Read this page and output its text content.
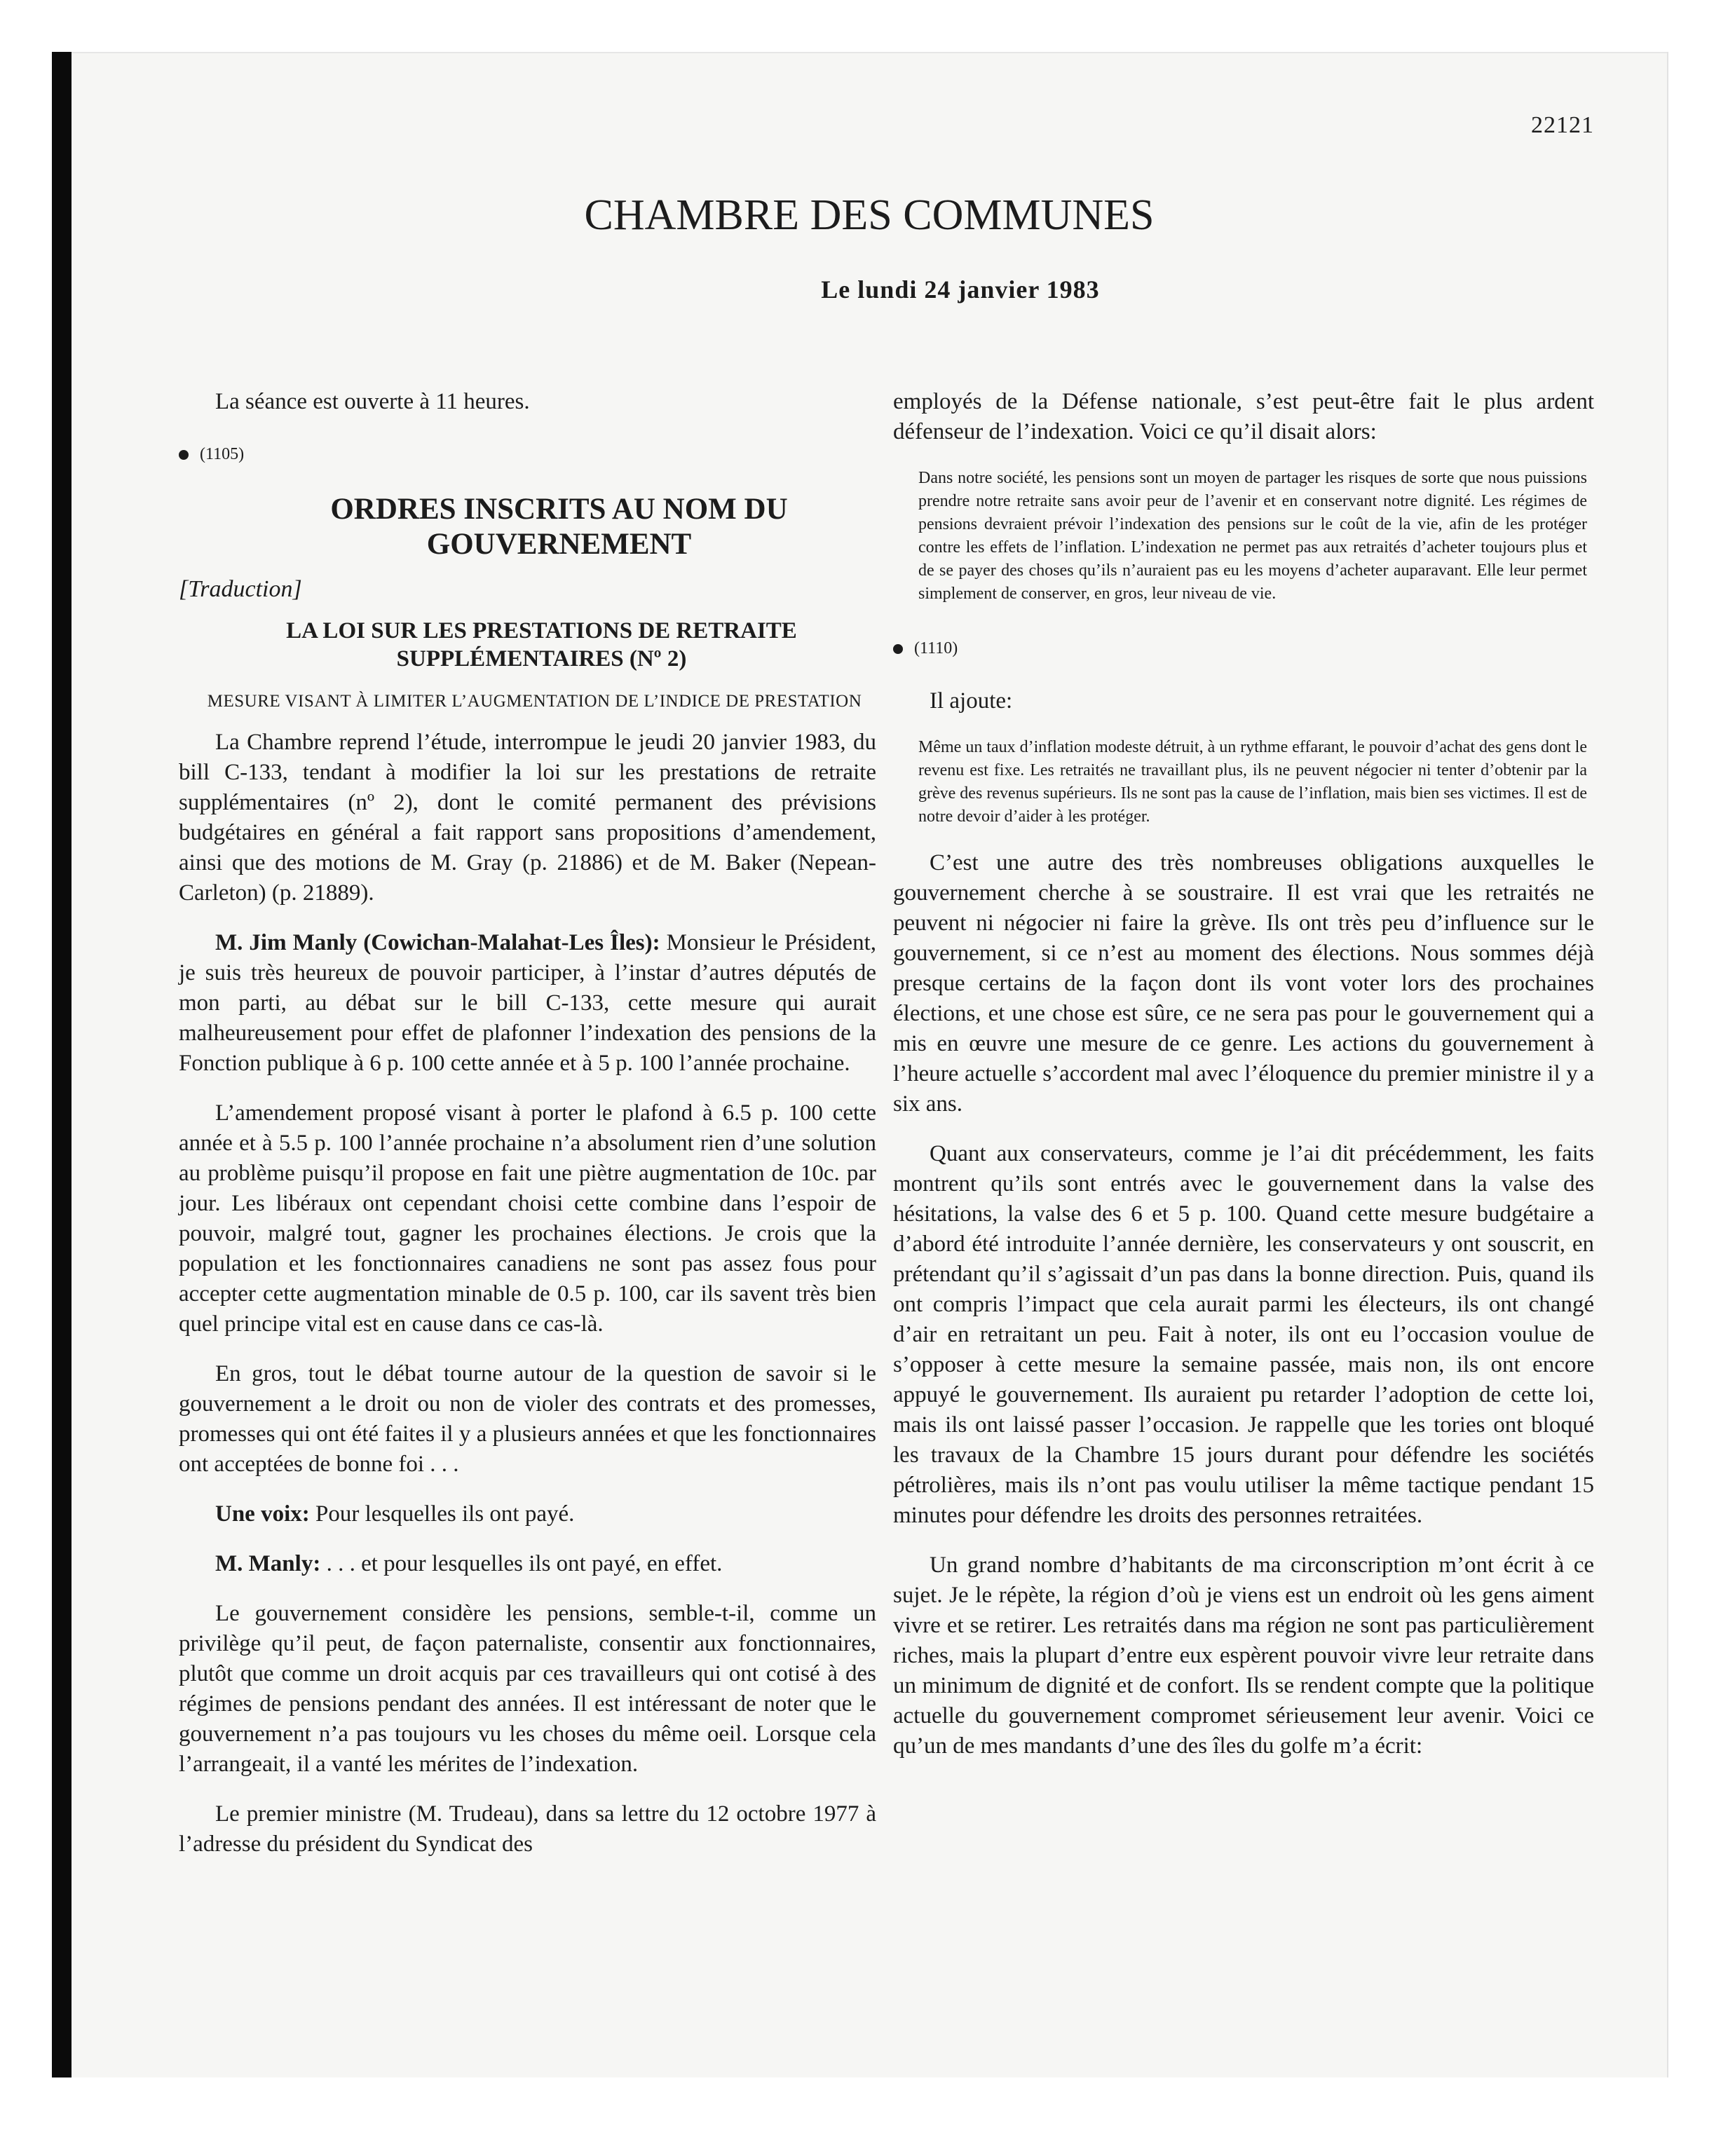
22121
CHAMBRE DES COMMUNES
Le lundi 24 janvier 1983

La séance est ouverte à 11 heures.

(1105)
ORDRES INSCRITS AU NOM DU GOUVERNEMENT
[Traduction]
LA LOI SUR LES PRESTATIONS DE RETRAITE SUPPLÉMENTAIRES (Nº 2)
MESURE VISANT À LIMITER L’AUGMENTATION DE L’INDICE DE PRESTATION

La Chambre reprend l’étude, interrompue le jeudi 20 janvier 1983, du bill C-133, tendant à modifier la loi sur les prestations de retraite supplémentaires (nº 2), dont le comité permanent des prévisions budgétaires en général a fait rapport sans propositions d’amendement, ainsi que des motions de M. Gray (p. 21886) et de M. Baker (Nepean-Carleton) (p. 21889).

M. Jim Manly (Cowichan-Malahat-Les Îles): Monsieur le Président, je suis très heureux de pouvoir participer, à l’instar d’autres députés de mon parti, au débat sur le bill C-133, cette mesure qui aurait malheureusement pour effet de plafonner l’indexation des pensions de la Fonction publique à 6 p. 100 cette année et à 5 p. 100 l’année prochaine.

L’amendement proposé visant à porter le plafond à 6.5 p. 100 cette année et à 5.5 p. 100 l’année prochaine n’a absolument rien d’une solution au problème puisqu’il propose en fait une piètre augmentation de 10c. par jour. Les libéraux ont cependant choisi cette combine dans l’espoir de pouvoir, malgré tout, gagner les prochaines élections. Je crois que la population et les fonctionnaires canadiens ne sont pas assez fous pour accepter cette augmentation minable de 0.5 p. 100, car ils savent très bien quel principe vital est en cause dans ce cas-là.

En gros, tout le débat tourne autour de la question de savoir si le gouvernement a le droit ou non de violer des contrats et des promesses, promesses qui ont été faites il y a plusieurs années et que les fonctionnaires ont acceptées de bonne foi . . .

Une voix: Pour lesquelles ils ont payé.

M. Manly: . . . et pour lesquelles ils ont payé, en effet.

Le gouvernement considère les pensions, semble-t-il, comme un privilège qu’il peut, de façon paternaliste, consentir aux fonctionnaires, plutôt que comme un droit acquis par ces travailleurs qui ont cotisé à des régimes de pensions pendant des années. Il est intéressant de noter que le gouvernement n’a pas toujours vu les choses du même oeil. Lorsque cela l’arrangeait, il a vanté les mérites de l’indexation.

Le premier ministre (M. Trudeau), dans sa lettre du 12 octobre 1977 à l’adresse du président du Syndicat des

employés de la Défense nationale, s’est peut-être fait le plus ardent défenseur de l’indexation. Voici ce qu’il disait alors:

Dans notre société, les pensions sont un moyen de partager les risques de sorte que nous puissions prendre notre retraite sans avoir peur de l’avenir et en conservant notre dignité. Les régimes de pensions devraient prévoir l’indexation des pensions sur le coût de la vie, afin de les protéger contre les effets de l’inflation. L’indexation ne permet pas aux retraités d’acheter toujours plus et de se payer des choses qu’ils n’auraient pas eu les moyens d’acheter auparavant. Elle leur permet simplement de conserver, en gros, leur niveau de vie.
(1110)

Il ajoute:

Même un taux d’inflation modeste détruit, à un rythme effarant, le pouvoir d’achat des gens dont le revenu est fixe. Les retraités ne travaillant plus, ils ne peuvent négocier ni tenter d’obtenir par la grève des revenus supérieurs. Ils ne sont pas la cause de l’inflation, mais bien ses victimes. Il est de notre devoir d’aider à les protéger.

C’est une autre des très nombreuses obligations auxquelles le gouvernement cherche à se soustraire. Il est vrai que les retraités ne peuvent ni négocier ni faire la grève. Ils ont très peu d’influence sur le gouvernement, si ce n’est au moment des élections. Nous sommes déjà presque certains de la façon dont ils vont voter lors des prochaines élections, et une chose est sûre, ce ne sera pas pour le gouvernement qui a mis en œuvre une mesure de ce genre. Les actions du gouvernement à l’heure actuelle s’accordent mal avec l’éloquence du premier ministre il y a six ans.

Quant aux conservateurs, comme je l’ai dit précédemment, les faits montrent qu’ils sont entrés avec le gouvernement dans la valse des hésitations, la valse des 6 et 5 p. 100. Quand cette mesure budgétaire a d’abord été introduite l’année dernière, les conservateurs y ont souscrit, en prétendant qu’il s’agissait d’un pas dans la bonne direction. Puis, quand ils ont compris l’impact que cela aurait parmi les électeurs, ils ont changé d’air en retraitant un peu. Fait à noter, ils ont eu l’occasion voulue de s’opposer à cette mesure la semaine passée, mais non, ils ont encore appuyé le gouvernement. Ils auraient pu retarder l’adoption de cette loi, mais ils ont laissé passer l’occasion. Je rappelle que les tories ont bloqué les travaux de la Chambre 15 jours durant pour défendre les sociétés pétrolières, mais ils n’ont pas voulu utiliser la même tactique pendant 15 minutes pour défendre les droits des personnes retraitées.

Un grand nombre d’habitants de ma circonscription m’ont écrit à ce sujet. Je le répète, la région d’où je viens est un endroit où les gens aiment vivre et se retirer. Les retraités dans ma région ne sont pas particulièrement riches, mais la plupart d’entre eux espèrent pouvoir vivre leur retraite dans un minimum de dignité et de confort. Ils se rendent compte que la politique actuelle du gouvernement compromet sérieusement leur avenir. Voici ce qu’un de mes mandants d’une des îles du golfe m’a écrit:
